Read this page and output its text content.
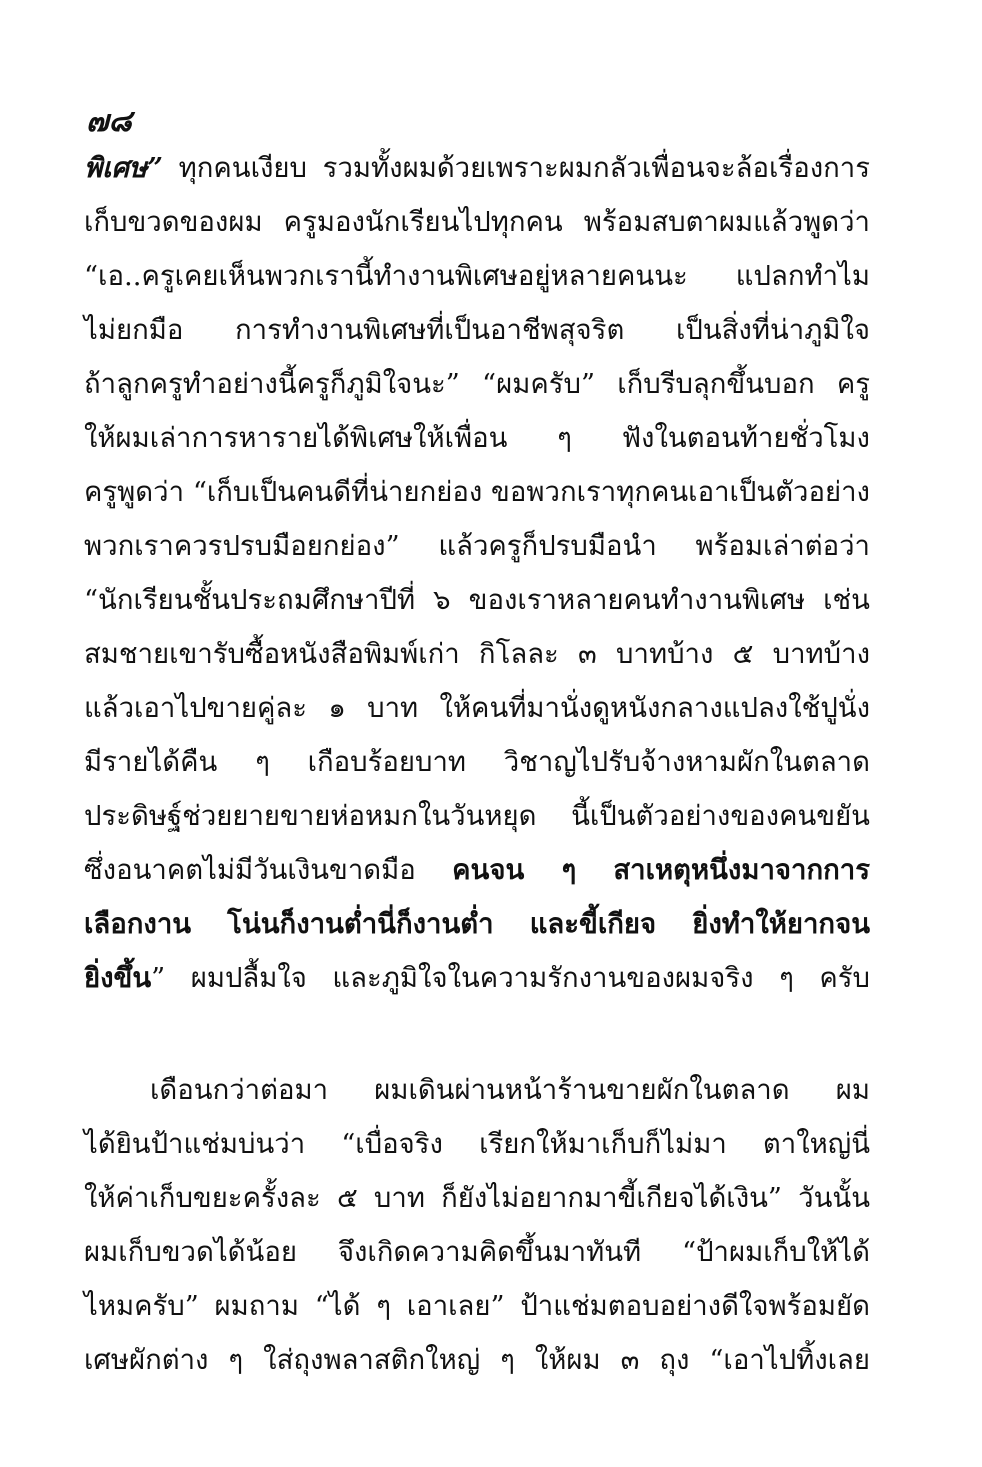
๗๘
พิเศษ” ทุกคนเงียบ รวมทั้งผมด้วยเพราะผมกลัวเพื่อนจะล้อเรื่องการ
เก็บขวดของผม ครูมองนักเรียนไปทุกคน พร้อมสบตาผมแล้วพูดว่า
“เอ..ครูเคยเห็นพวกเรานี้ทำงานพิเศษอยู่หลายคนนะ แปลกทำไม
ไม่ยกมือ การทำงานพิเศษที่เป็นอาชีพสุจริต เป็นสิ่งที่น่าภูมิใจ
ถ้าลูกครูทำอย่างนี้ครูก็ภูมิใจนะ” “ผมครับ” เก็บรีบลุกขึ้นบอก ครู
ให้ผมเล่าการหารายได้พิเศษให้เพื่อน ๆ ฟังในตอนท้ายชั่วโมง
ครูพูดว่า “เก็บเป็นคนดีที่น่ายกย่อง ขอพวกเราทุกคนเอาเป็นตัวอย่าง
พวกเราควรปรบมือยกย่อง” แล้วครูก็ปรบมือนำ พร้อมเล่าต่อว่า
“นักเรียนชั้นประถมศึกษาปีที่ ๖ ของเราหลายคนทำงานพิเศษ เช่น
สมชายเขารับซื้อหนังสือพิมพ์เก่า กิโลละ ๓ บาทบ้าง ๕ บาทบ้าง
แล้วเอาไปขายคู่ละ ๑ บาท ให้คนที่มานั่งดูหนังกลางแปลงใช้ปูนั่ง
มีรายได้คืน ๆ เกือบร้อยบาท วิชาญไปรับจ้างหามผักในตลาด
ประดิษฐ์ช่วยยายขายห่อหมกในวันหยุด นี้เป็นตัวอย่างของคนขยัน
ซึ่งอนาคตไม่มีวันเงินขาดมือ คนจน ๆ สาเหตุหนึ่งมาจากการ
เลือกงาน โน่นก็งานต่ำนี่ก็งานต่ำ และขี้เกียจ ยิ่งทำให้ยากจน
ยิ่งขึ้น” ผมปลื้มใจ และภูมิใจในความรักงานของผมจริง ๆ ครับ
เดือนกว่าต่อมา ผมเดินผ่านหน้าร้านขายผักในตลาด ผม
ได้ยินป้าแช่มบ่นว่า “เบื่อจริง เรียกให้มาเก็บก็ไม่มา ตาใหญ่นี่
ให้ค่าเก็บขยะครั้งละ ๕ บาท ก็ยังไม่อยากมาขี้เกียจได้เงิน” วันนั้น
ผมเก็บขวดได้น้อย จึงเกิดความคิดขึ้นมาทันที “ป้าผมเก็บให้ได้
ไหมครับ” ผมถาม “ได้ ๆ เอาเลย” ป้าแช่มตอบอย่างดีใจพร้อมยัด
เศษผักต่าง ๆ ใส่ถุงพลาสติกใหญ่ ๆ ให้ผม ๓ ถุง “เอาไปทิ้งเลย
